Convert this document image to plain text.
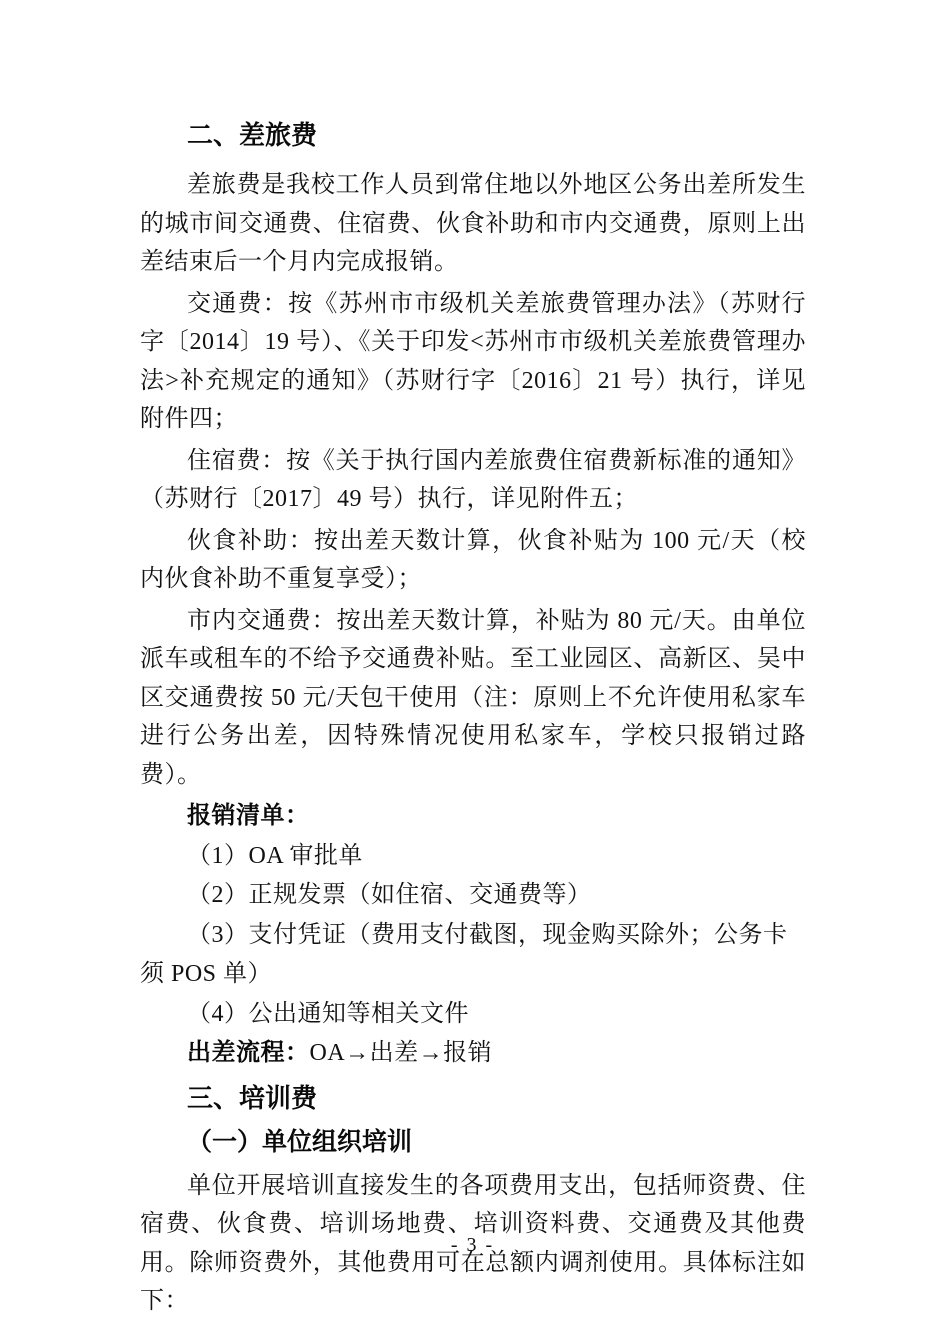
二、差旅费

差旅费是我校工作人员到常住地以外地区公务出差所发生的城市间交通费、住宿费、伙食补助和市内交通费，原则上出差结束后一个月内完成报销。

交通费：按《苏州市市级机关差旅费管理办法》（苏财行字〔2014〕19 号）、《关于印发<苏州市市级机关差旅费管理办法>补充规定的通知》（苏财行字〔2016〕21 号）执行，详见附件四；

住宿费：按《关于执行国内差旅费住宿费新标准的通知》（苏财行〔2017〕49 号）执行，详见附件五；

伙食补助：按出差天数计算，伙食补贴为 100 元/天（校内伙食补助不重复享受）；

市内交通费：按出差天数计算，补贴为 80 元/天。由单位派车或租车的不给予交通费补贴。至工业园区、高新区、吴中区交通费按 50 元/天包干使用（注：原则上不允许使用私家车进行公务出差，因特殊情况使用私家车，学校只报销过路费）。

报销清单：

（1）OA 审批单

（2）正规发票（如住宿、交通费等）

（3）支付凭证（费用支付截图，现金购买除外；公务卡须 POS 单）

（4）公出通知等相关文件

出差流程：OA→出差→报销

三、培训费
（一）单位组织培训

单位开展培训直接发生的各项费用支出，包括师资费、住宿费、伙食费、培训场地费、培训资料费、交通费及其他费用。除师资费外，其他费用可在总额内调剂使用。具体标注如下：

- 3 -
